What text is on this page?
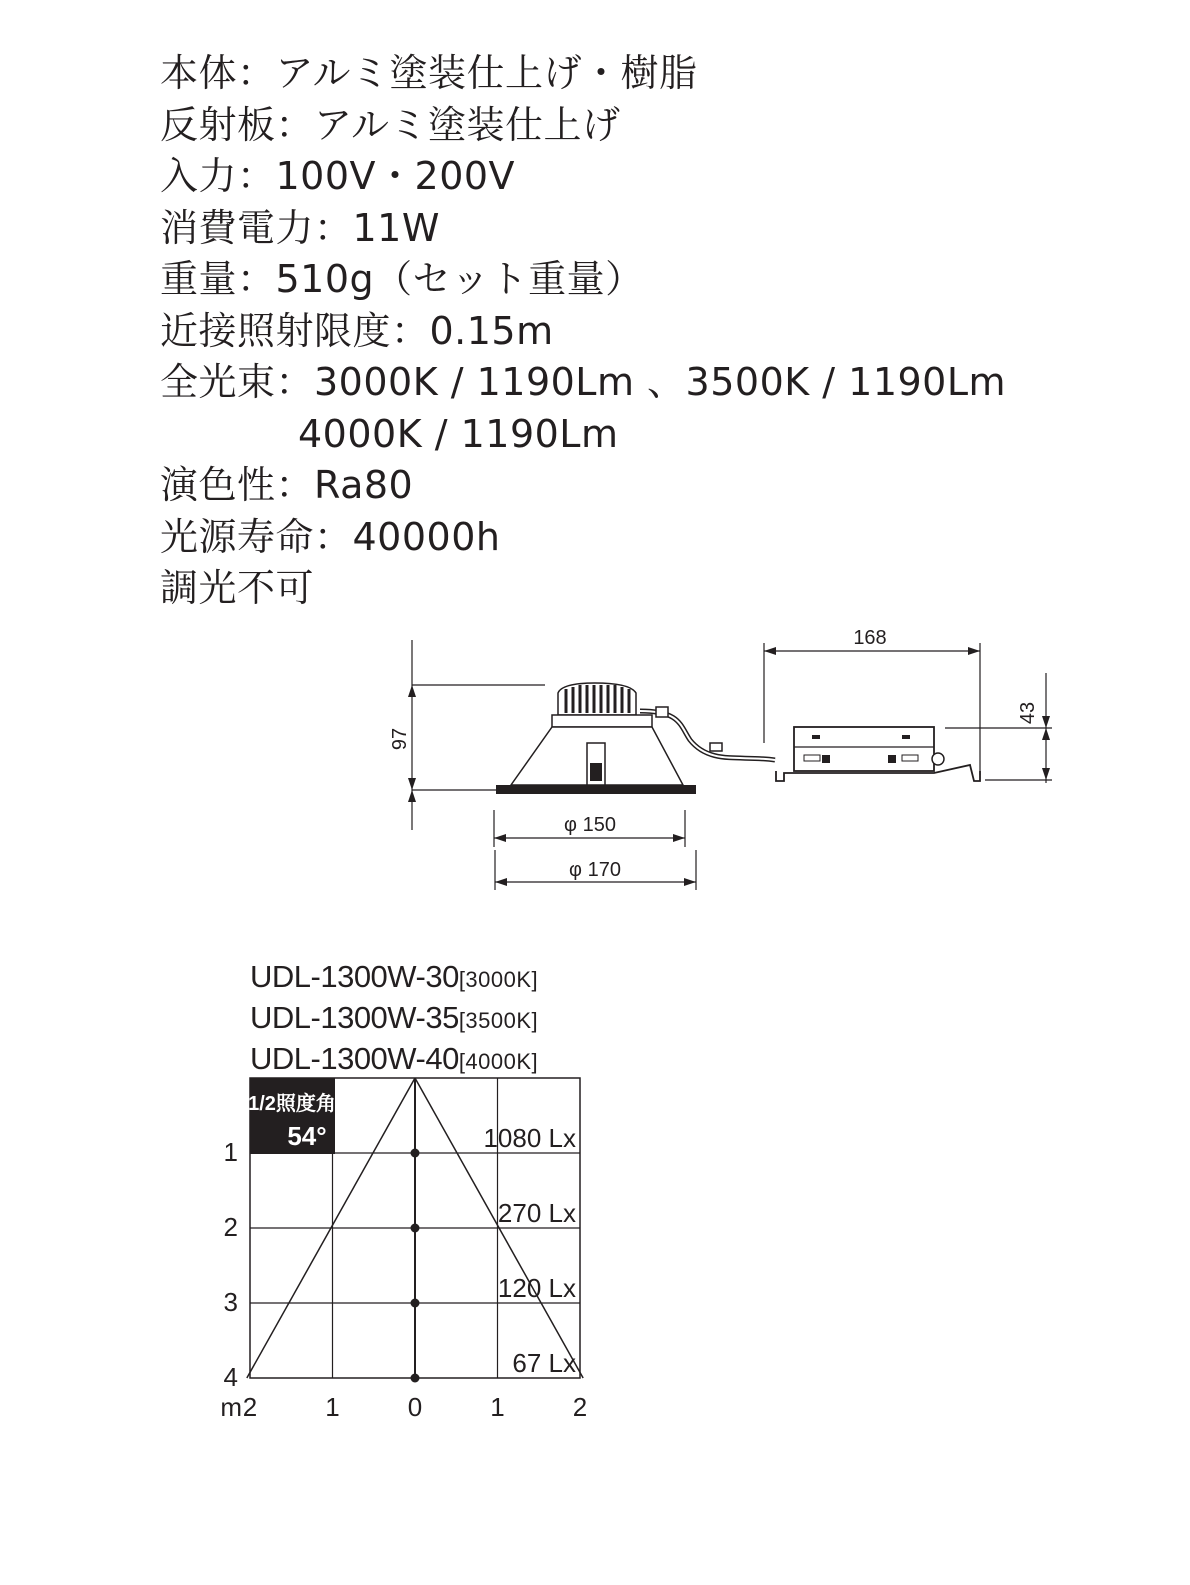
本体：アルミ塗装仕上げ・樹脂
反射板：アルミ塗装仕上げ
入力：100V・200V
消費電力：11W
重量：510g（セット重量）
近接照射限度：0.15m
全光束：3000K / 1190Lm 、3500K / 1190Lm
4000K / 1190Lm
演色性：Ra80
光源寿命：40000h
調光不可
168
97
43
φ 150
φ 170
UDL-1300W-30[3000K]
UDL-1300W-35[3500K]
UDL-1300W-40[4000K]
1/2照度角
54°	1080 Lx
270 Lx
120 Lx
67 Lx
1
2
3
4
2	1	0	1	2
m
